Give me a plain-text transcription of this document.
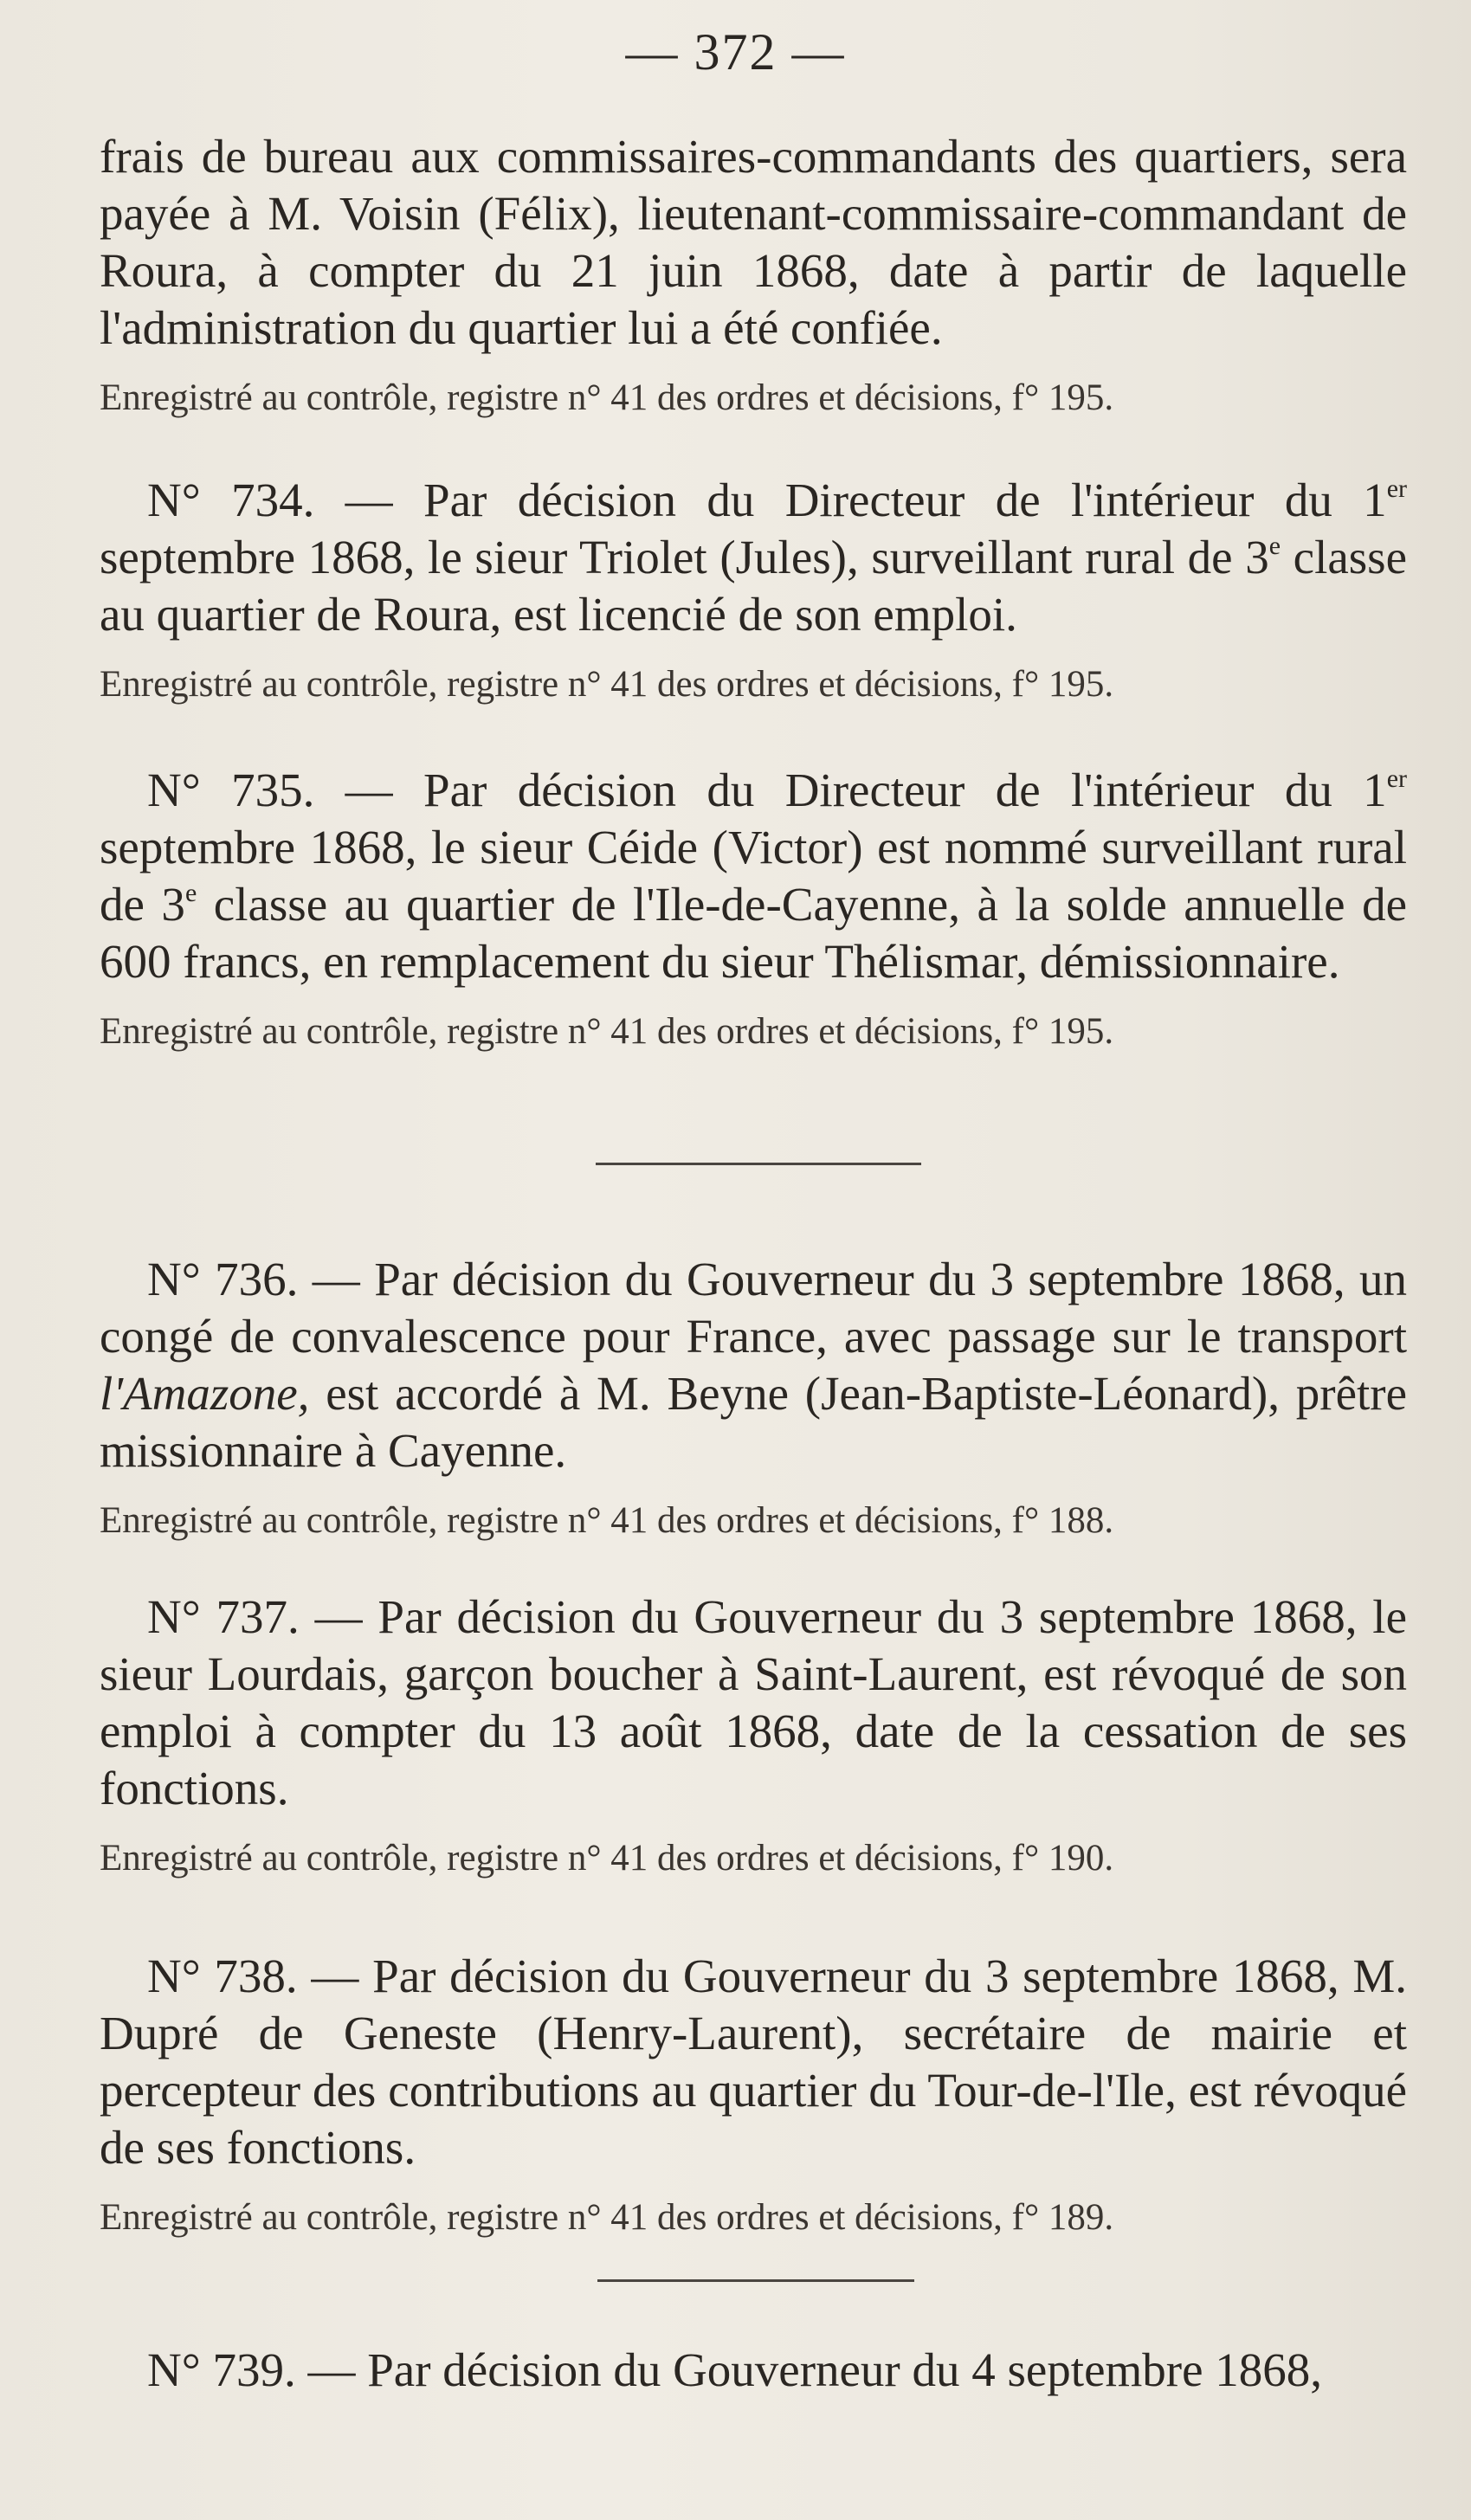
— 372 —

frais de bureau aux commissaires-commandants des quartiers, sera payée à M. Voisin (Félix), lieutenant-commissaire-commandant de Roura, à compter du 21 juin 1868, date à partir de laquelle l'administration du quartier lui a été confiée.

Enregistré au contrôle, registre n° 41 des ordres et décisions, f° 195.

N° 734. — Par décision du Directeur de l'intérieur du 1er septembre 1868, le sieur Triolet (Jules), surveillant rural de 3e classe au quartier de Roura, est licencié de son emploi.

Enregistré au contrôle, registre n° 41 des ordres et décisions, f° 195.

N° 735. — Par décision du Directeur de l'intérieur du 1er septembre 1868, le sieur Céide (Victor) est nommé surveillant rural de 3e classe au quartier de l'Ile-de-Cayenne, à la solde annuelle de 600 francs, en remplacement du sieur Thélismar, démissionnaire.

Enregistré au contrôle, registre n° 41 des ordres et décisions, f° 195.

N° 736. — Par décision du Gouverneur du 3 septembre 1868, un congé de convalescence pour France, avec passage sur le transport l'Amazone, est accordé à M. Beyne (Jean-Baptiste-Léonard), prêtre missionnaire à Cayenne.

Enregistré au contrôle, registre n° 41 des ordres et décisions, f° 188.

N° 737. — Par décision du Gouverneur du 3 septembre 1868, le sieur Lourdais, garçon boucher à Saint-Laurent, est révoqué de son emploi à compter du 13 août 1868, date de la cessation de ses fonctions.

Enregistré au contrôle, registre n° 41 des ordres et décisions, f° 190.

N° 738. — Par décision du Gouverneur du 3 septembre 1868, M. Dupré de Geneste (Henry-Laurent), secrétaire de mairie et percepteur des contributions au quartier du Tour-de-l'Ile, est révoqué de ses fonctions.

Enregistré au contrôle, registre n° 41 des ordres et décisions, f° 189.

N° 739. — Par décision du Gouverneur du 4 septembre 1868,
